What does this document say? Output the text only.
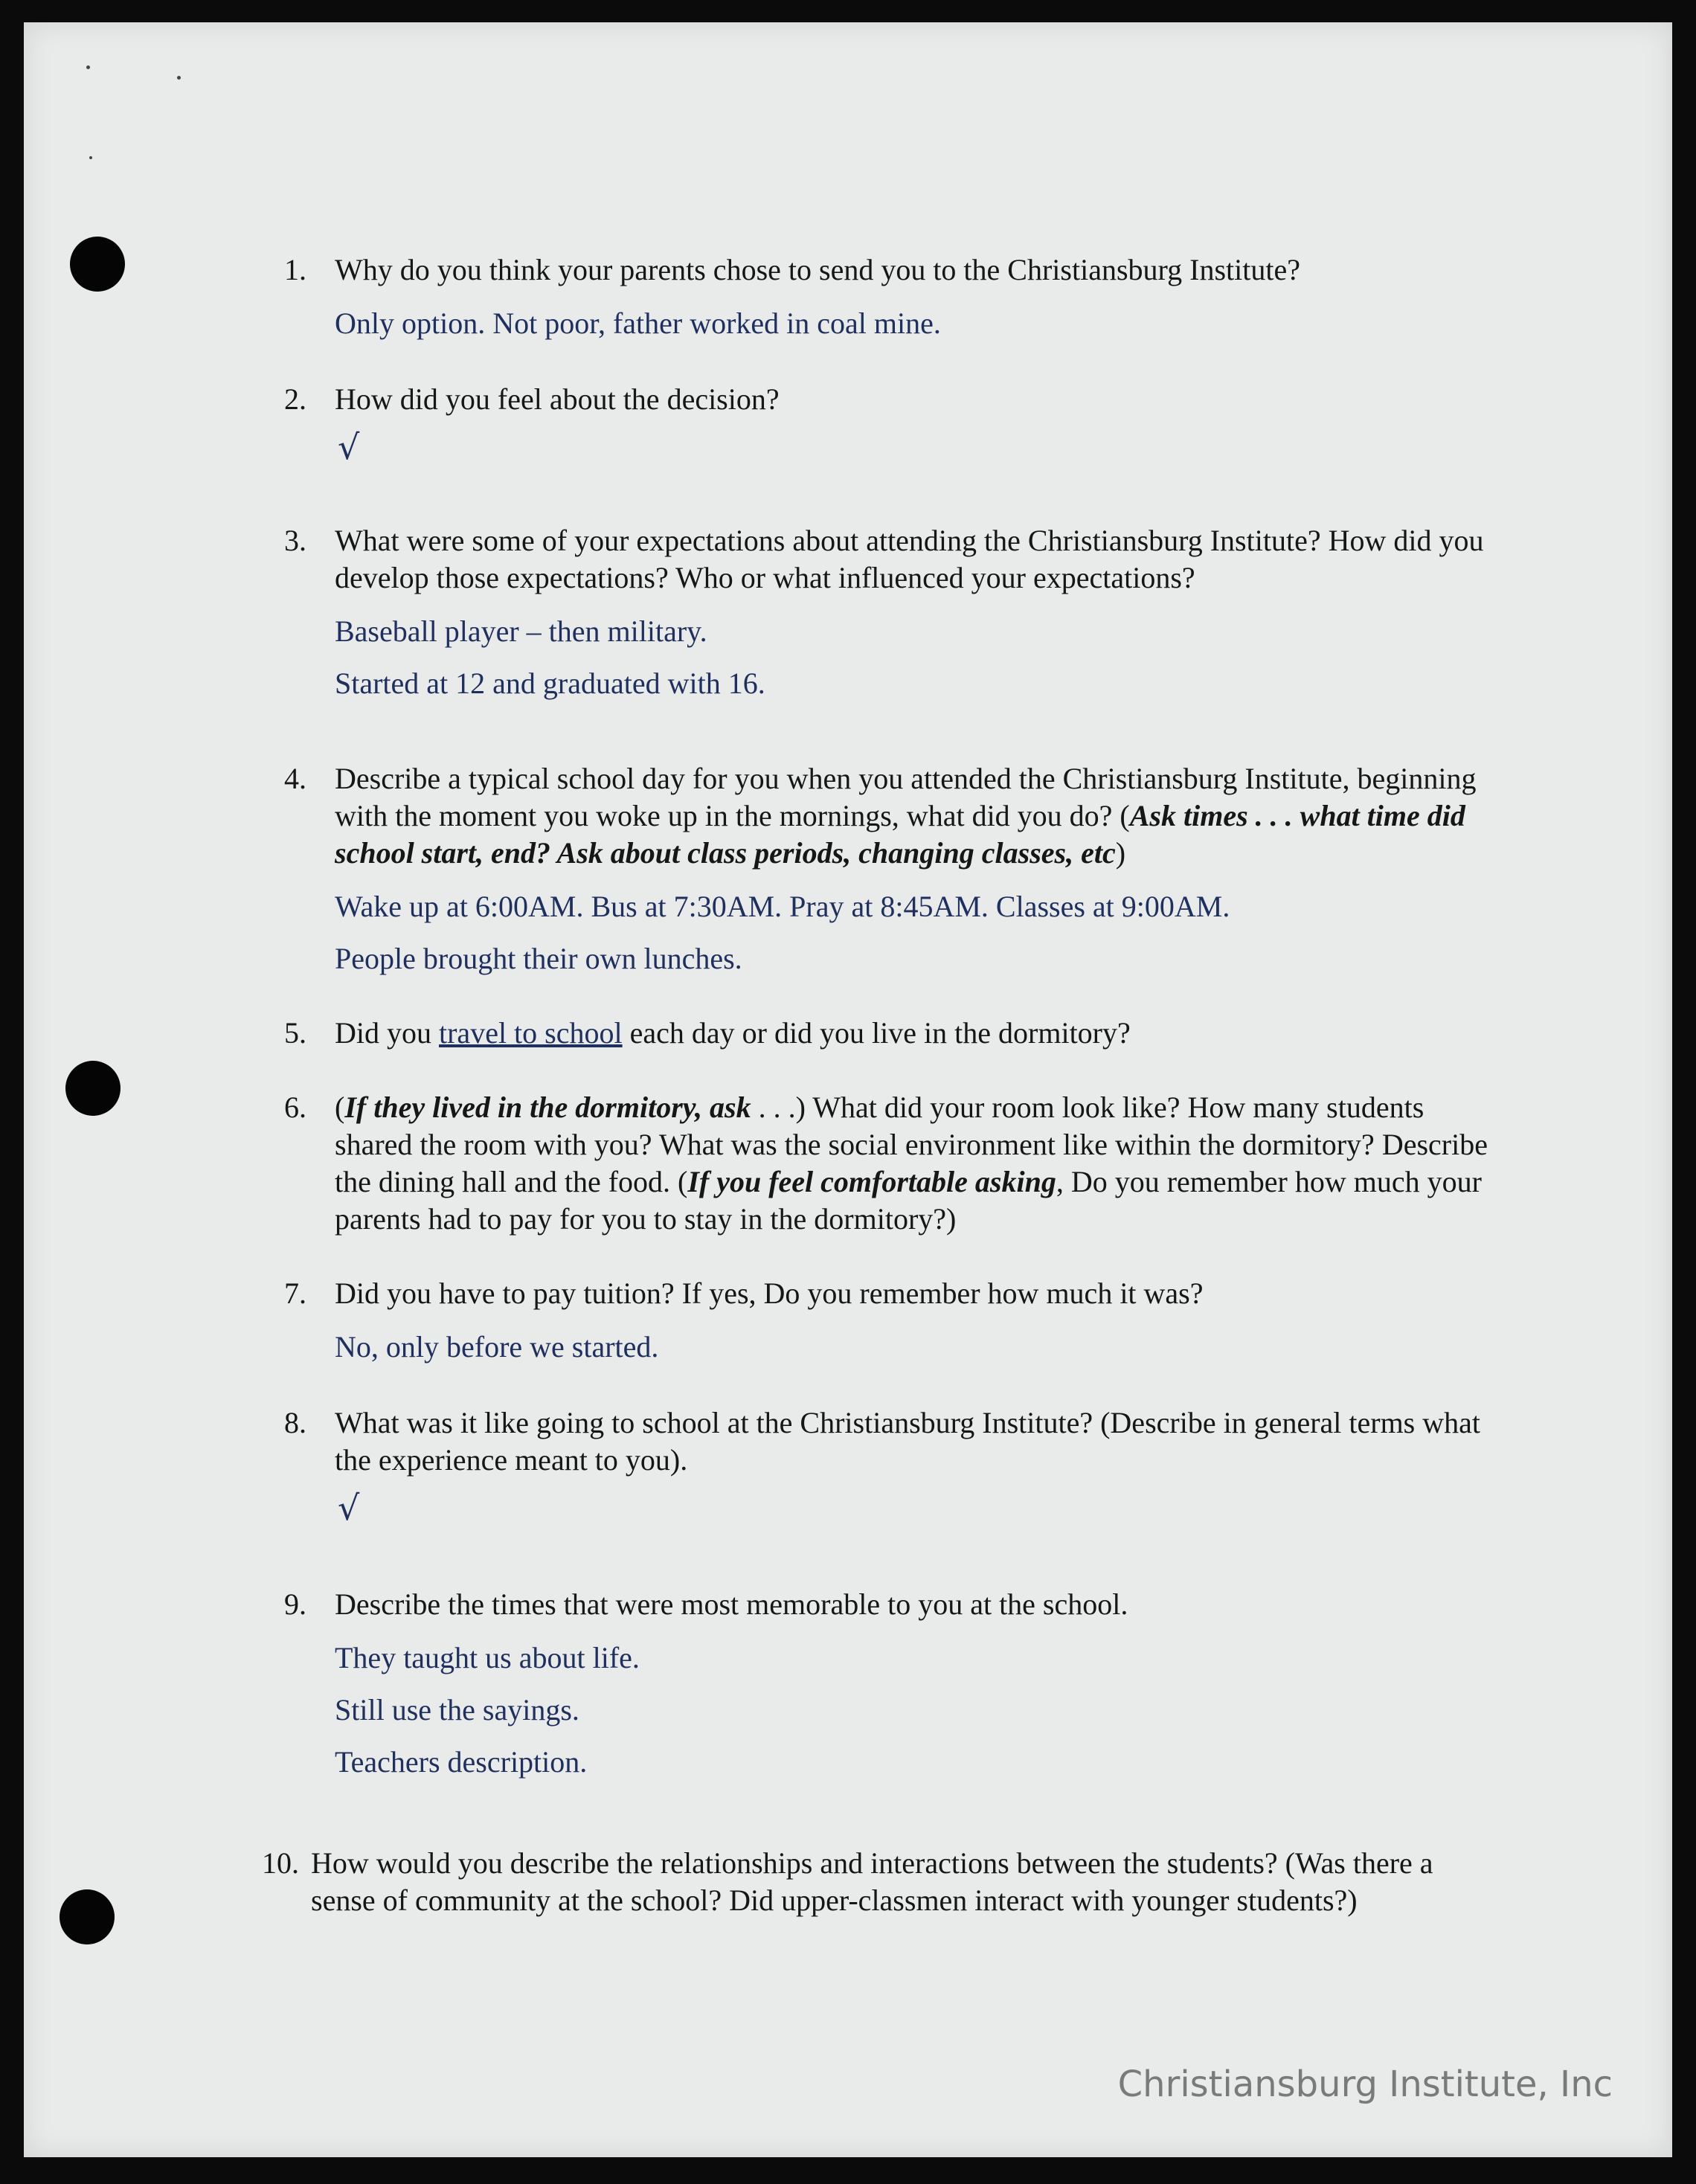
1. Why do you think your parents chose to send you to the Christiansburg Institute?
Only option. Not poor, father worked in coal mine.
2. How did you feel about the decision?
√
3. What were some of your expectations about attending the Christiansburg Institute? How did you develop those expectations? Who or what influenced your expectations?
Baseball player – then military.
Started at 12 and graduated with 16.
4. Describe a typical school day for you when you attended the Christiansburg Institute, beginning with the moment you woke up in the mornings, what did you do? (Ask times . . . what time did school start, end? Ask about class periods, changing classes, etc)
Wake up at 6:00AM. Bus at 7:30AM. Pray at 8:45AM. Classes at 9:00AM.
People brought their own lunches.
5. Did you travel to school each day or did you live in the dormitory?
6. (If they lived in the dormitory, ask . . .) What did your room look like? How many students shared the room with you? What was the social environment like within the dormitory? Describe the dining hall and the food. (If you feel comfortable asking, Do you remember how much your parents had to pay for you to stay in the dormitory?)
7. Did you have to pay tuition? If yes, Do you remember how much it was?
No, only before we started.
8. What was it like going to school at the Christiansburg Institute? (Describe in general terms what the experience meant to you).
√
9. Describe the times that were most memorable to you at the school.
They taught us about life.
Still use the sayings.
Teachers description.
10. How would you describe the relationships and interactions between the students? (Was there a sense of community at the school? Did upper-classmen interact with younger students?)
Christiansburg Institute, Inc
